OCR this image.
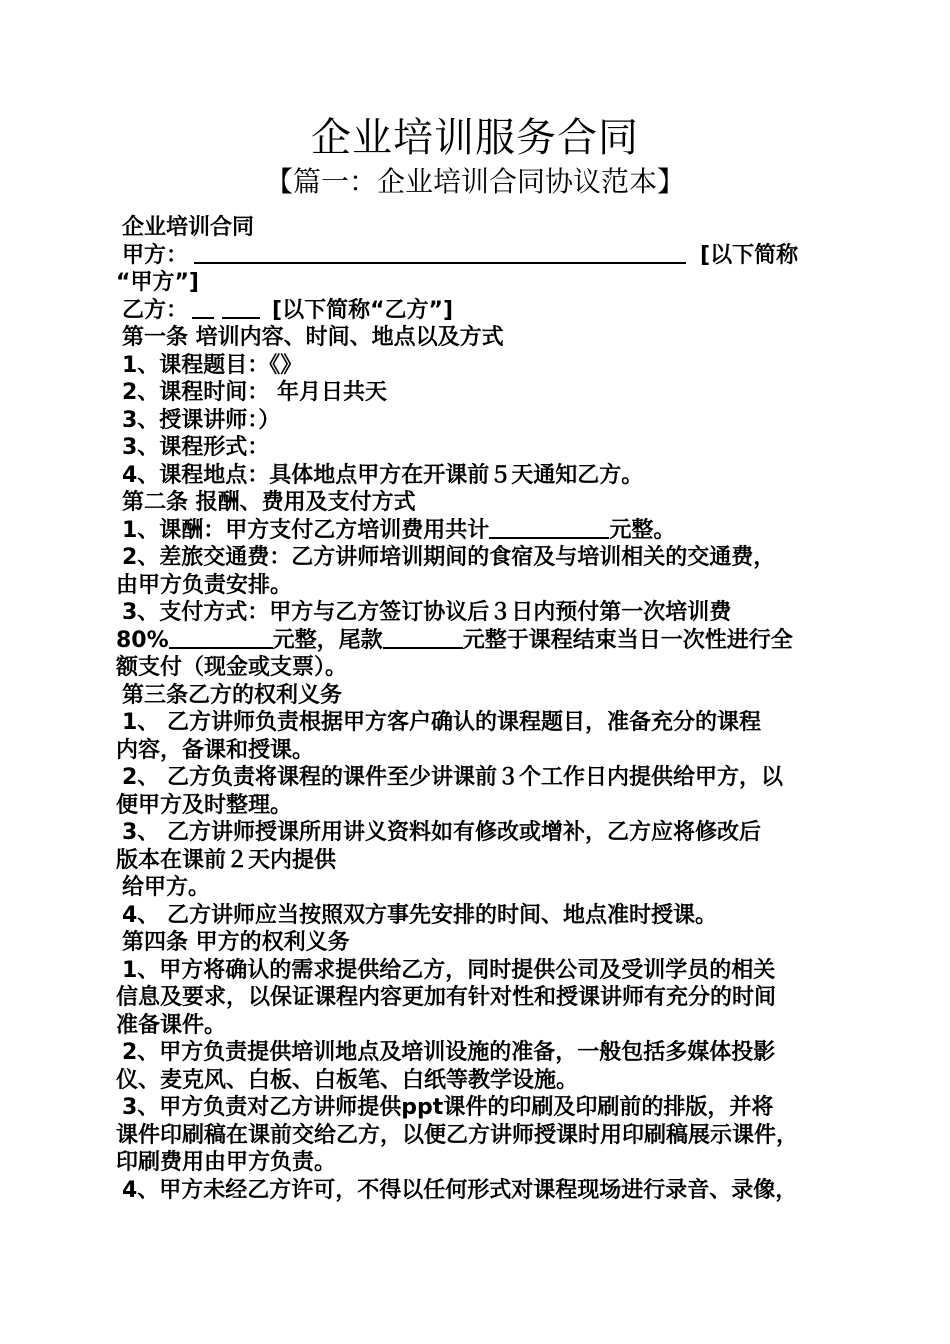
企业培训服务合同
【篇一：企业培训合同协议范本】
企业培训合同
甲方：	[以下简称
“甲方”]
乙方：	[以下简称“乙方”]
第一条 培训内容、时间、地点以及方式
1、课程题目：《》
2、课程时间： 年月日共天
3、授课讲师：）
3、课程形式：
4、课程地点：具体地点甲方在开课前５天通知乙方。
第二条 报酬、费用及支付方式
1、课酬：甲方支付乙方培训费用共计	元整。
2、差旅交通费：乙方讲师培训期间的食宿及与培训相关的交通费，
由甲方负责安排。
3、支付方式：甲方与乙方签订协议后３日内预付第一次培训费
80%	元整，尾款	元整于课程结束当日一次性进行全
额支付（现金或支票）。
第三条乙方的权利义务
1、 乙方讲师负责根据甲方客户确认的课程题目，准备充分的课程
内容，备课和授课。
2、 乙方负责将课程的课件至少讲课前３个工作日内提供给甲方，以
便甲方及时整理。
3、 乙方讲师授课所用讲义资料如有修改或增补，乙方应将修改后
版本在课前２天内提供
给甲方。
4、 乙方讲师应当按照双方事先安排的时间、地点准时授课。
第四条 甲方的权利义务
1、甲方将确认的需求提供给乙方，同时提供公司及受训学员的相关
信息及要求，以保证课程内容更加有针对性和授课讲师有充分的时间
准备课件。
2、甲方负责提供培训地点及培训设施的准备，一般包括多媒体投影
仪、麦克风、白板、白板笔、白纸等教学设施。
3、甲方负责对乙方讲师提供ppt课件的印刷及印刷前的排版，并将
课件印刷稿在课前交给乙方，以便乙方讲师授课时用印刷稿展示课件，
印刷费用由甲方负责。
4、甲方未经乙方许可，不得以任何形式对课程现场进行录音、录像，
